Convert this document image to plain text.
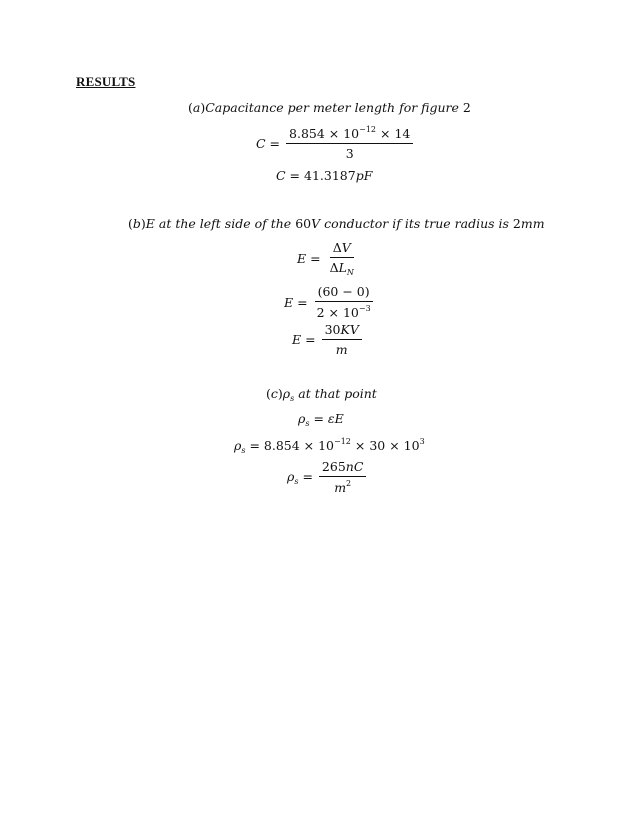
RESULTS
(a)Capacitance per meter length for figure 2
$C = \frac{8.854 \times 10^{-12} \times 14}{3}$
C = 41.3187pF
(b)E at the left side of the 60V conductor if its true radius is 2mm
$E = \frac{\Delta V}{\Delta L_N}$
$E = \frac{(60 - 0)}{2 \times 10^{-3}}$
$E = \frac{30KV}{m}$
$(c)\rho_s$ at that point
$\rho_s = \varepsilon E$
$\rho_s = 8.854 \times 10^{-12} \times 30 \times 10^3$
$\rho_s = \frac{265nC}{m^2}$
